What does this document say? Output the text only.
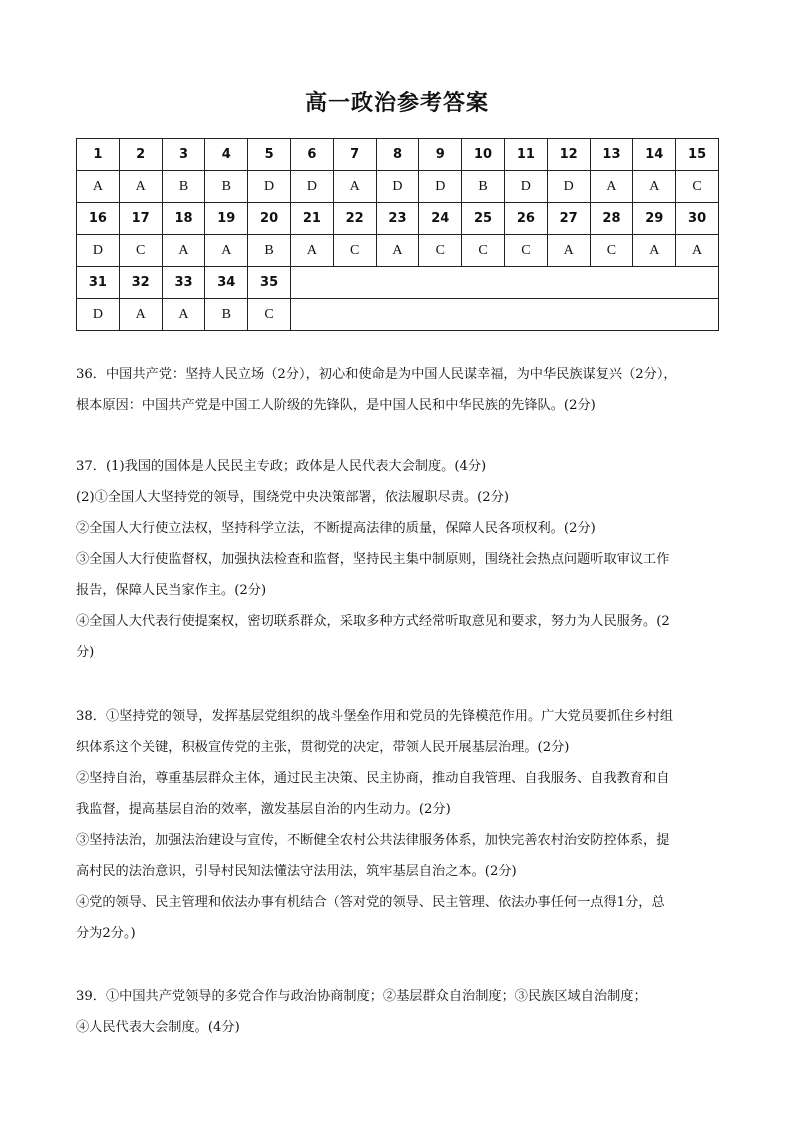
高一政治参考答案
1	2	3	4	5	6	7	8	9	10	11	12	13	14	15
A	A	B	B	D	D	A	D	D	B	D	D	A	A	C
16	17	18	19	20	21	22	23	24	25	26	27	28	29	30
D	C	A	A	B	A	C	A	C	C	C	A	C	A	A
31	32	33	34	35										
D	A	A	B	C										

36．中国共产党：坚持人民立场（2分），初心和使命是为中国人民谋幸福，为中华民族谋复兴（2分），

根本原因：中国共产党是中国工人阶级的先锋队，是中国人民和中华民族的先锋队。(2分)

37．(1)我国的国体是人民民主专政；政体是人民代表大会制度。(4分)

(2)①全国人大坚持党的领导，围绕党中央决策部署，依法履职尽责。(2分)

②全国人大行使立法权，坚持科学立法，不断提高法律的质量，保障人民各项权利。(2分)

③全国人大行使监督权，加强执法检查和监督，坚持民主集中制原则，围绕社会热点问题听取审议工作

报告，保障人民当家作主。(2分)

④全国人大代表行使提案权，密切联系群众，采取多种方式经常听取意见和要求，努力为人民服务。(2

分)

38．①坚持党的领导，发挥基层党组织的战斗堡垒作用和党员的先锋模范作用。广大党员要抓住乡村组

织体系这个关键，积极宣传党的主张，贯彻党的决定，带领人民开展基层治理。(2分)

②坚持自治，尊重基层群众主体，通过民主决策、民主协商，推动自我管理、自我服务、自我教育和自

我监督，提高基层自治的效率，激发基层自治的内生动力。(2分)

③坚持法治，加强法治建设与宣传，不断健全农村公共法律服务体系，加快完善农村治安防控体系，提

高村民的法治意识，引导村民知法懂法守法用法，筑牢基层自治之本。(2分)

④党的领导、民主管理和依法办事有机结合（答对党的领导、民主管理、依法办事任何一点得1分，总

分为2分。)

39．①中国共产党领导的多党合作与政治协商制度；②基层群众自治制度；③民族区域自治制度；

④人民代表大会制度。(4分)
